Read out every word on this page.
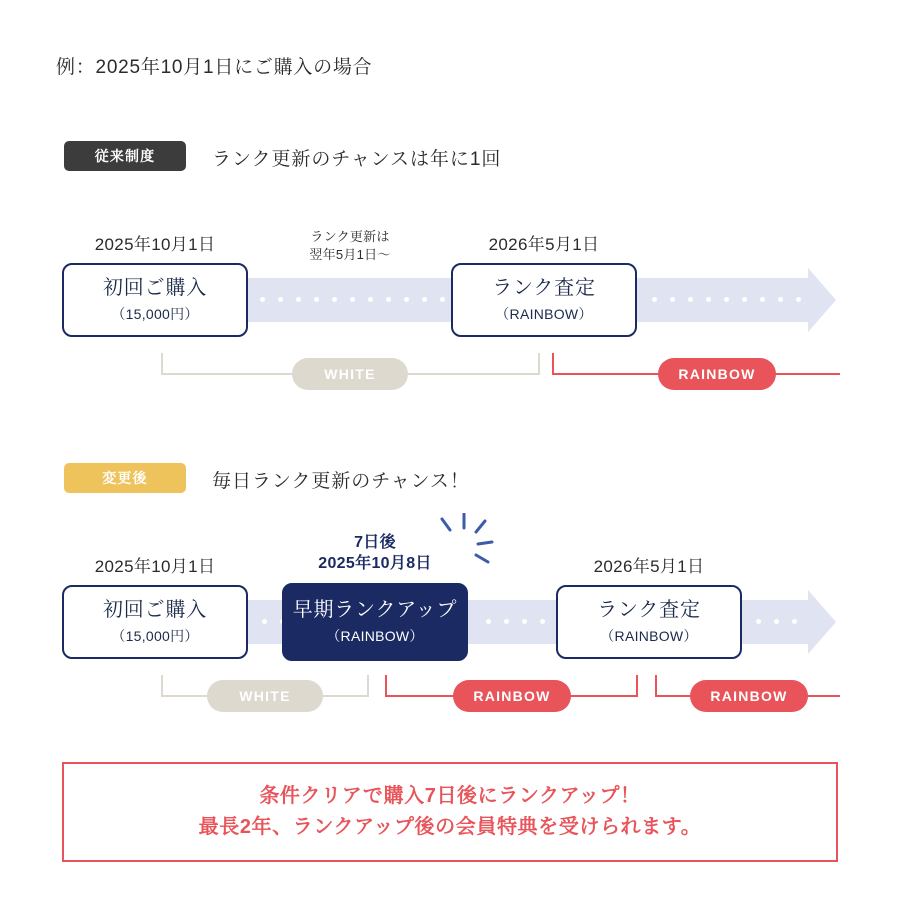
例：2025年10月1日にご購入の場合
従来制度	ランク更新のチャンスは年に1回
2025年10月1日	ランク更新は
翌年5月1日〜
2026年5月1日
初回ご購入
（15,000円）
ランク査定
（RAINBOW）
WHITE	RAINBOW
変更後	毎日ランク更新のチャンス！
2025年10月1日
7日後
2025年10月8日	2026年5月1日
初回ご購入
（15,000円）
早期ランクアップ
（RAINBOW）
ランク査定
（RAINBOW）
WHITE	RAINBOW	RAINBOW
条件クリアで購入7日後にランクアップ！
最長2年、ランクアップ後の会員特典を受けられます。
